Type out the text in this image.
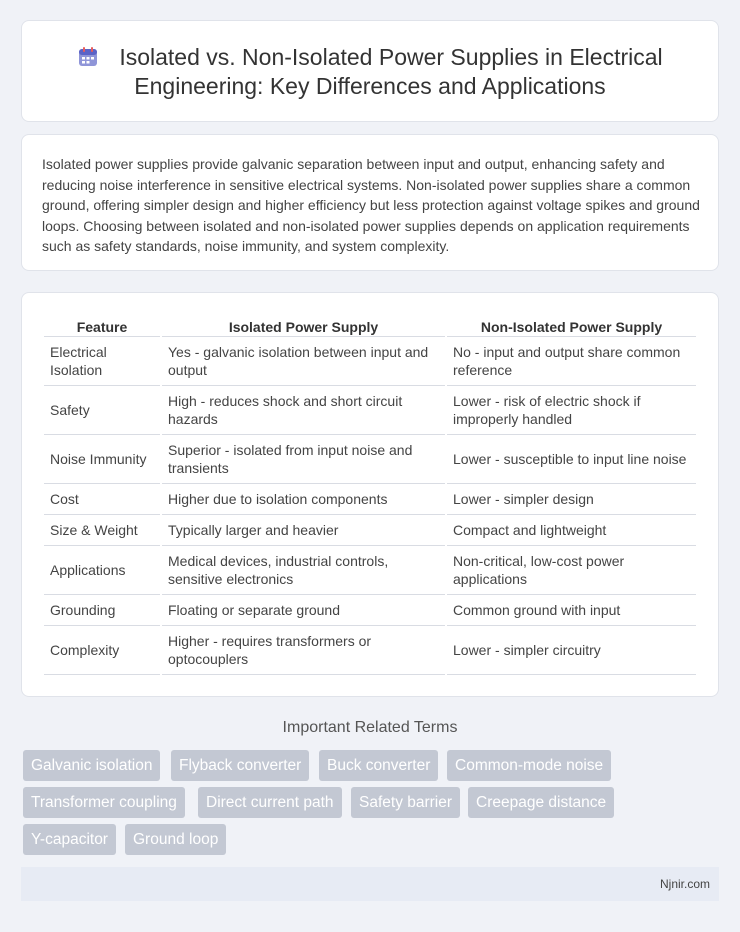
Isolated vs. Non-Isolated Power Supplies in Electrical
Engineering: Key Differences and Applications

Isolated power supplies provide galvanic separation between input and output, enhancing safety and reducing noise interference in sensitive electrical systems. Non-isolated power supplies share a common ground, offering simpler design and higher efficiency but less protection against voltage spikes and ground loops. Choosing between isolated and non-isolated power supplies depends on application requirements such as safety standards, noise immunity, and system complexity.

Feature	Isolated Power Supply	Non-Isolated Power Supply
Electrical Isolation	Yes - galvanic isolation between input and output	No - input and output share common reference
Safety	High - reduces shock and short circuit hazards	Lower - risk of electric shock if improperly handled
Noise Immunity	Superior - isolated from input noise and transients	Lower - susceptible to input line noise
Cost	Higher due to isolation components	Lower - simpler design
Size & Weight	Typically larger and heavier	Compact and lightweight
Applications	Medical devices, industrial controls, sensitive electronics	Non-critical, low-cost power applications
Grounding	Floating or separate ground	Common ground with input
Complexity	Higher - requires transformers or optocouplers	Lower - simpler circuitry
Important Related Terms
Galvanic isolation	Flyback converter	Buck converter	Common-mode noise
Transformer coupling	Direct current path	Safety barrier	Creepage distance
Y-capacitor	Ground loop
Njnir.com
